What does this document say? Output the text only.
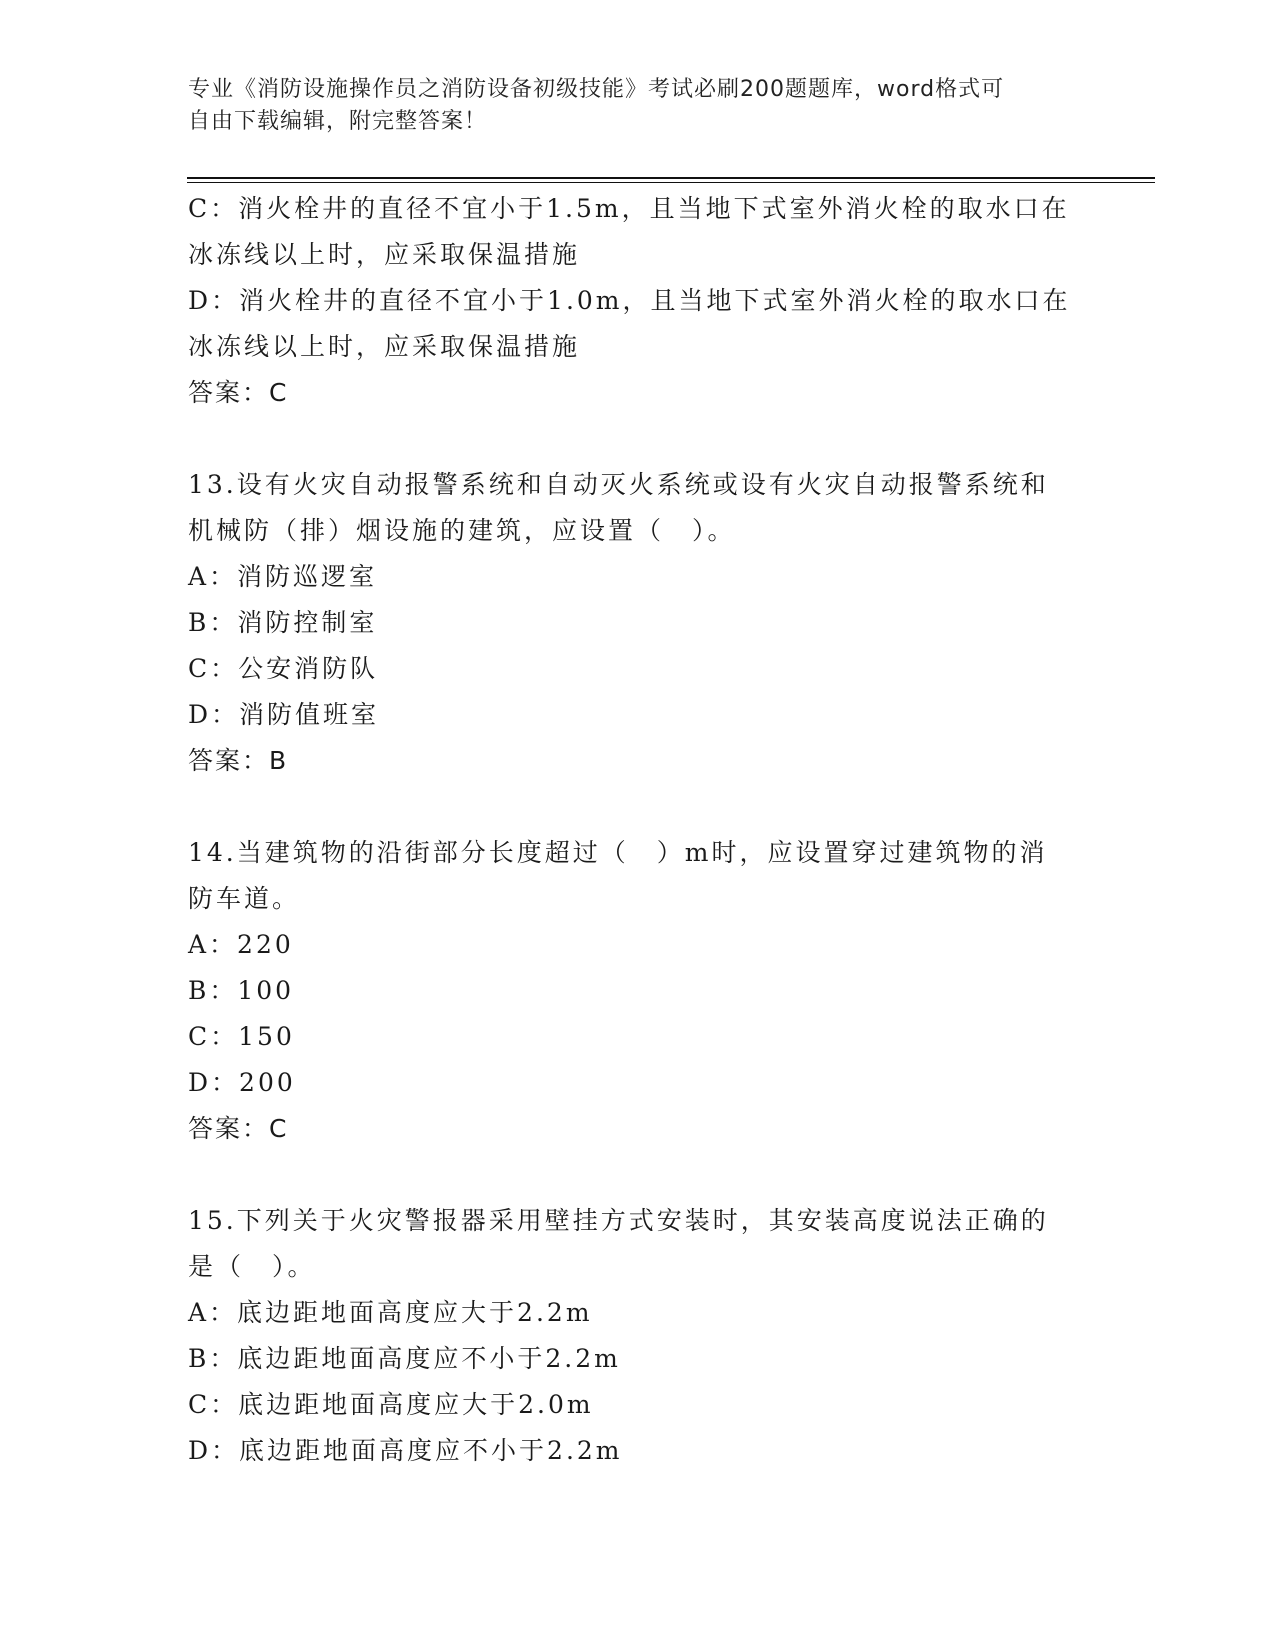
专业《消防设施操作员之消防设备初级技能》考试必刷200题题库，word格式可
自由下载编辑，附完整答案！

C：消火栓井的直径不宜小于1.5m，且当地下式室外消火栓的取水口在

冰冻线以上时，应采取保温措施

D：消火栓井的直径不宜小于1.0m，且当地下式室外消火栓的取水口在

冰冻线以上时，应采取保温措施

答案：C

13.设有火灾自动报警系统和自动灭火系统或设有火灾自动报警系统和

机械防（排）烟设施的建筑，应设置（　）。

A：消防巡逻室

B：消防控制室

C：公安消防队

D：消防值班室

答案：B

14.当建筑物的沿街部分长度超过（　）m时，应设置穿过建筑物的消

防车道。

A：220

B：100

C：150

D：200

答案：C

15.下列关于火灾警报器采用壁挂方式安装时，其安装高度说法正确的

是（　）。

A：底边距地面高度应大于2.2m

B：底边距地面高度应不小于2.2m

C：底边距地面高度应大于2.0m

D：底边距地面高度应不小于2.2m
